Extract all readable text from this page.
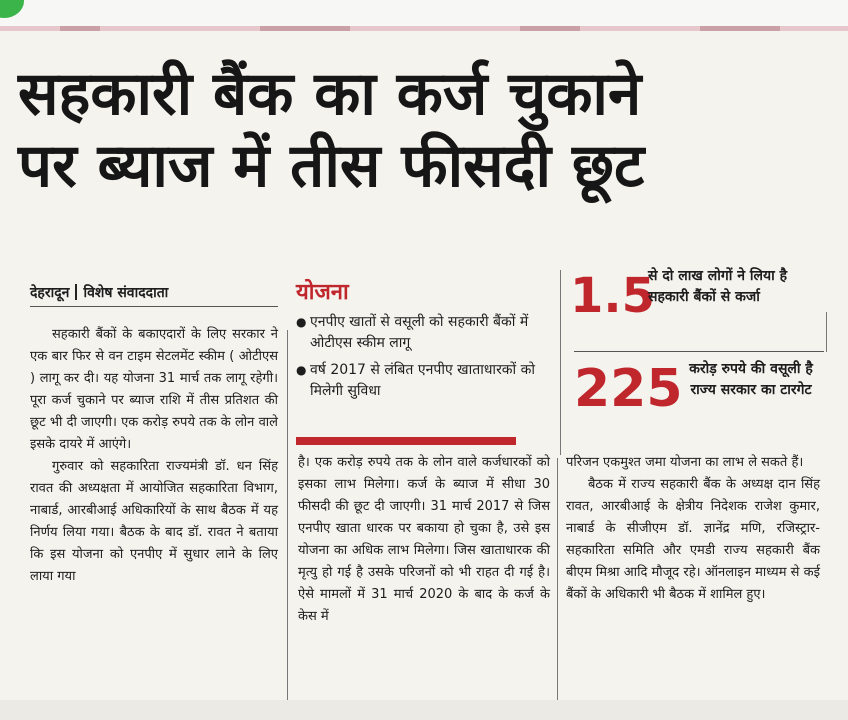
सहकारी बैंक का कर्ज चुकाने
पर ब्याज में तीस फीसदी छूट
देहरादून विशेष संवाददाता

सहकारी बैंकों के बकाएदारों के लिए सरकार ने एक बार फिर से वन टाइम सेटलमेंट स्कीम ( ओटीएस ) लागू कर दी। यह योजना 31 मार्च तक लागू रहेगी। पूरा कर्ज चुकाने पर ब्याज राशि में तीस प्रतिशत की छूट भी दी जाएगी। एक करोड़ रुपये तक के लोन वाले इसके दायरे में आएंगे।

गुरुवार को सहकारिता राज्यमंत्री डॉ. धन सिंह रावत की अध्यक्षता में आयोजित सहकारिता विभाग, नाबार्ड, आरबीआई अधिकारियों के साथ बैठक में यह निर्णय लिया गया। बैठक के बाद डॉ. रावत ने बताया कि इस योजना को एनपीए में सुधार लाने के लिए लाया गया

योजना
● एनपीए खातों से वसूली को सहकारी बैंकों में ओटीएस स्कीम लागू
● वर्ष 2017 से लंबित एनपीए खाताधारकों को मिलेगी सुविधा
1.5
से दो लाख लोगों ने लिया है सहकारी बैंकों से कर्जा
225 करोड़ रुपये की वसूली है राज्य सरकार का टारगेट

है। एक करोड़ रुपये तक के लोन वाले कर्जधारकों को इसका लाभ मिलेगा। कर्ज के ब्याज में सीधा 30 फीसदी की छूट दी जाएगी। 31 मार्च 2017 से जिस एनपीए खाता धारक पर बकाया हो चुका है, उसे इस योजना का अधिक लाभ मिलेगा। जिस खाताधारक की मृत्यु हो गई है उसके परिजनों को भी राहत दी गई है। ऐसे मामलों में 31 मार्च 2020 के बाद के कर्ज के केस में

परिजन एकमुश्त जमा योजना का लाभ ले सकते हैं।

बैठक में राज्य सहकारी बैंक के अध्यक्ष दान सिंह रावत, आरबीआई के क्षेत्रीय निदेशक राजेश कुमार, नाबार्ड के सीजीएम डॉ. ज्ञानेंद्र मणि, रजिस्ट्रार-सहकारिता समिति और एमडी राज्य सहकारी बैंक बीएम मिश्रा आदि मौजूद रहे। ऑनलाइन माध्यम से कई बैंकों के अधिकारी भी बैठक में शामिल हुए।
